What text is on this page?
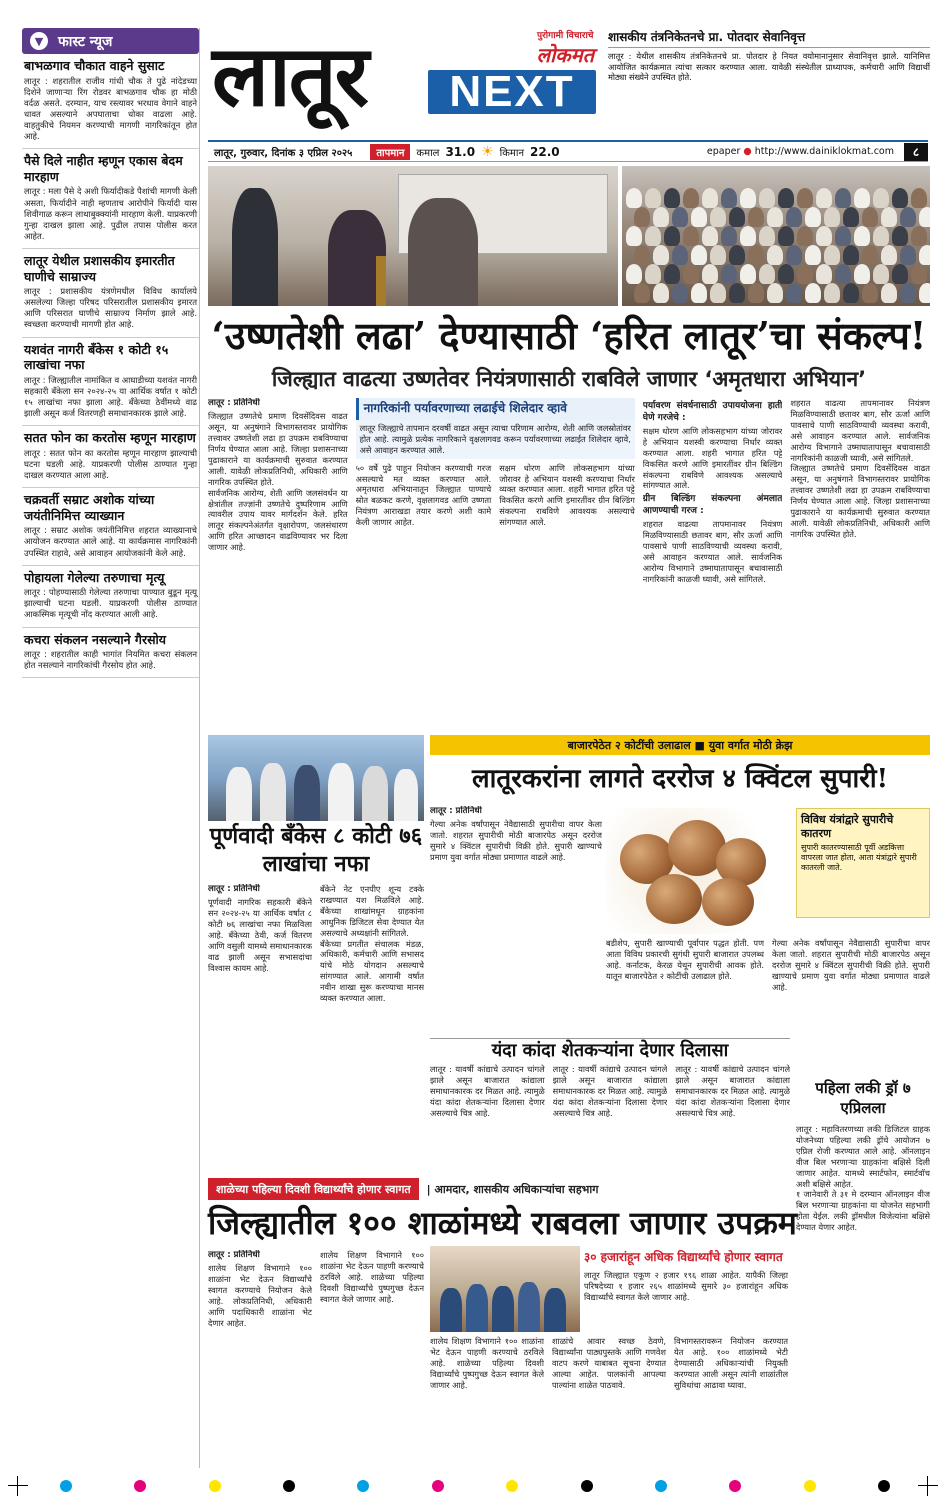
▼	फास्ट न्यूज
बाभळगाव चौकात वाहने सुसाट

लातूर : शहरातील राजीव गांधी चौक ते पुढे नांदेडच्या दिशेने जाणाऱ्या रिंग रोडवर बाभळगाव चौक हा मोठी वर्दळ असते. दरम्यान, याच रस्त्यावर भरधाव वेगाने वाहने धावत असल्याने अपघाताचा धोका वाढला आहे. वाहतुकीचे नियमन करण्याची मागणी नागरिकांतून होत आहे.

पैसे दिले नाहीत म्हणून एकास बेदम मारहाण

लातूर : मला पैसे दे अशी फिर्यादीकडे पैशांची मागणी केली असता, फिर्यादीने नाही म्हणताच आरोपीने फिर्यादी यास शिवीगाळ करून लाथाबुक्क्यांनी मारहाण केली. याप्रकरणी गुन्हा दाखल झाला आहे. पुढील तपास पोलीस करत आहेत.

लातूर येथील प्रशासकीय इमारतीत घाणीचे साम्राज्य

लातूर : प्रशासकीय यंत्रणेमधील विविध कार्यालये असलेल्या जिल्हा परिषद परिसरातील प्रशासकीय इमारत आणि परिसरात घाणीचे साम्राज्य निर्माण झाले आहे. स्वच्छता करण्याची मागणी होत आहे.

यशवंत नागरी बँकेस १ कोटी १५ लाखांचा नफा

लातूर : जिल्ह्यातील नामांकित व आघाडीच्या यशवंत नागरी सहकारी बँकेला सन २०२४-२५ या आर्थिक वर्षात १ कोटी १५ लाखांचा नफा झाला आहे. बँकेच्या ठेवींमध्ये वाढ झाली असून कर्ज वितरणही समाधानकारक झाले आहे.

सतत फोन का करतोस म्हणून मारहाण

लातूर : सतत फोन का करतोस म्हणून मारहाण झाल्याची घटना घडली आहे. याप्रकरणी पोलीस ठाण्यात गुन्हा दाखल करण्यात आला आहे.

चक्रवर्ती सम्राट अशोक यांच्या जयंतीनिमित्त व्याख्यान

लातूर : सम्राट अशोक जयंतीनिमित्त शहरात व्याख्यानाचे आयोजन करण्यात आले आहे. या कार्यक्रमास नागरिकांनी उपस्थित राहावे, असे आवाहन आयोजकांनी केले आहे.

पोहायला गेलेल्या तरुणाचा मृत्यू

लातूर : पोहण्यासाठी गेलेल्या तरुणाचा पाण्यात बुडून मृत्यू झाल्याची घटना घडली. याप्रकरणी पोलीस ठाण्यात आकस्मिक मृत्यूची नोंद करण्यात आली आहे.

कचरा संकलन नसल्याने गैरसोय

लातूर : शहरातील काही भागांत नियमित कचरा संकलन होत नसल्याने नागरिकांची गैरसोय होत आहे.

लातूर	पुरोगामी विचाराचे
लोकमत
NEXT
शासकीय तंत्रनिकेतनचे प्रा. पोतदार सेवानिवृत्त

लातूर : येथील शासकीय तंत्रनिकेतनचे प्रा. पोतदार हे नियत वयोमानानुसार सेवानिवृत्त झाले. यानिमित्त आयोजित कार्यक्रमात त्यांचा सत्कार करण्यात आला. यावेळी संस्थेतील प्राध्यापक, कर्मचारी आणि विद्यार्थी मोठ्या संख्येने उपस्थित होते.

लातूर, गुरुवार, दिनांक ३ एप्रिल २०२५	तापमान	कमाल 31.0 ☀ किमान 22.0	epaper ● http://www.dainiklokmat.com	८
‘उष्णतेशी लढा’ देण्यासाठी ‘हरित लातूर’चा संकल्प!
जिल्ह्यात वाढत्या उष्णतेवर नियंत्रणासाठी राबविले जाणार ‘अमृतधारा अभियान’
लातूर : प्रतिनिधी
जिल्ह्यात उष्णतेचे प्रमाण दिवसेंदिवस वाढत असून, या अनुषंगाने विभागस्तरावर प्रायोगिक तत्त्वावर उष्णतेशी लढा हा उपक्रम राबविण्याचा निर्णय घेण्यात आला आहे. जिल्हा प्रशासनाच्या पुढाकाराने या कार्यक्रमाची सुरुवात करण्यात आली. यावेळी लोकप्रतिनिधी, अधिकारी आणि नागरिक उपस्थित होते.
सार्वजनिक आरोग्य, शेती आणि जलसंवर्धन या क्षेत्रांतील तज्ज्ञांनी उष्णतेचे दुष्परिणाम आणि त्यावरील उपाय यावर मार्गदर्शन केले. हरित लातूर संकल्पनेअंतर्गत वृक्षारोपण, जलसंधारण आणि हरित आच्छादन वाढविण्यावर भर दिला जाणार आहे.
नागरिकांनी पर्यावरणाच्या लढाईचे शिलेदार व्हावे

लातूर जिल्ह्याचे तापमान दरवर्षी वाढत असून त्याचा परिणाम आरोग्य, शेती आणि जलस्रोतांवर होत आहे. त्यामुळे प्रत्येक नागरिकाने वृक्षलागवड करून पर्यावरणाच्या लढाईत शिलेदार व्हावे, असे आवाहन करण्यात आले.

५० वर्षे पुढे पाहून नियोजन करण्याची गरज असल्याचे मत व्यक्त करण्यात आले. अमृतधारा अभियानातून जिल्ह्यात पाण्याचे स्रोत बळकट करणे, वृक्षलागवड आणि उष्णता नियंत्रण आराखडा तयार करणे अशी कामे केली जाणार आहेत.
सक्षम धोरण आणि लोकसहभाग यांच्या जोरावर हे अभियान यशस्वी करण्याचा निर्धार व्यक्त करण्यात आला. शहरी भागात हरित पट्टे विकसित करणे आणि इमारतींवर ग्रीन बिल्डिंग संकल्पना राबविणे आवश्यक असल्याचे सांगण्यात आले.
पर्यावरण संवर्धनासाठी उपाययोजना हाती घेणे गरजेचे :
सक्षम धोरण आणि लोकसहभाग यांच्या जोरावर हे अभियान यशस्वी करण्याचा निर्धार व्यक्त करण्यात आला. शहरी भागात हरित पट्टे विकसित करणे आणि इमारतींवर ग्रीन बिल्डिंग संकल्पना राबविणे आवश्यक असल्याचे सांगण्यात आले.
ग्रीन बिल्डिंग संकल्पना अंमलात आणण्याची गरज :
शहरात वाढत्या तापमानावर नियंत्रण मिळविण्यासाठी छतावर बाग, सौर ऊर्जा आणि पावसाचे पाणी साठविण्याची व्यवस्था करावी, असे आवाहन करण्यात आले. सार्वजनिक आरोग्य विभागाने उष्माघातापासून बचावासाठी नागरिकांनी काळजी घ्यावी, असे सांगितले.
शहरात वाढत्या तापमानावर नियंत्रण मिळविण्यासाठी छतावर बाग, सौर ऊर्जा आणि पावसाचे पाणी साठविण्याची व्यवस्था करावी, असे आवाहन करण्यात आले. सार्वजनिक आरोग्य विभागाने उष्माघातापासून बचावासाठी नागरिकांनी काळजी घ्यावी, असे सांगितले.
जिल्ह्यात उष्णतेचे प्रमाण दिवसेंदिवस वाढत असून, या अनुषंगाने विभागस्तरावर प्रायोगिक तत्त्वावर उष्णतेशी लढा हा उपक्रम राबविण्याचा निर्णय घेण्यात आला आहे. जिल्हा प्रशासनाच्या पुढाकाराने या कार्यक्रमाची सुरुवात करण्यात आली. यावेळी लोकप्रतिनिधी, अधिकारी आणि नागरिक उपस्थित होते.
पूर्णवादी बँकेस ८ कोटी ७६ लाखांचा नफा
लातूर : प्रतिनिधी
पूर्णवादी नागरिक सहकारी बँकेने सन २०२४-२५ या आर्थिक वर्षात ८ कोटी ७६ लाखांचा नफा मिळविला आहे. बँकेच्या ठेवी, कर्ज वितरण आणि वसुली यामध्ये समाधानकारक वाढ झाली असून सभासदांचा विश्वास कायम आहे.
बँकेने नेट एनपीए शून्य टक्के राखण्यात यश मिळविले आहे. बँकेच्या शाखांमधून ग्राहकांना आधुनिक डिजिटल सेवा देण्यात येत असल्याचे अध्यक्षांनी सांगितले.
बँकेच्या प्रगतीत संचालक मंडळ, अधिकारी, कर्मचारी आणि सभासद यांचे मोठे योगदान असल्याचे सांगण्यात आले. आगामी वर्षात नवीन शाखा सुरू करण्याचा मानस व्यक्त करण्यात आला.
बाजारपेठेत २ कोटींची उलाढाल ■ युवा वर्गात मोठी क्रेझ
लातूरकरांना लागते दररोज ४ क्विंटल सुपारी!
लातूर : प्रतिनिधी
गेल्या अनेक वर्षांपासून नेवैद्यासाठी सुपारीचा वापर केला जातो. शहरात सुपारीची मोठी बाजारपेठ असून दररोज सुमारे ४ क्विंटल सुपारीची विक्री होते. सुपारी खाण्याचे प्रमाण युवा वर्गात मोठ्या प्रमाणात वाढले आहे.
विविध यंत्रांद्वारे सुपारीचे कातरण

सुपारी कातरण्यासाठी पूर्वी अडकित्ता वापरला जात होता, आता यंत्रांद्वारे सुपारी कातरली जाते.

बडीशेप, सुपारी खाण्याची पूर्वापार पद्धत होती. पण आता विविध प्रकारची सुगंधी सुपारी बाजारात उपलब्ध आहे. कर्नाटक, केरळ येथून सुपारीची आवक होते. यातून बाजारपेठेत २ कोटींची उलाढाल होते.
गेल्या अनेक वर्षांपासून नेवैद्यासाठी सुपारीचा वापर केला जातो. शहरात सुपारीची मोठी बाजारपेठ असून दररोज सुमारे ४ क्विंटल सुपारीची विक्री होते. सुपारी खाण्याचे प्रमाण युवा वर्गात मोठ्या प्रमाणात वाढले आहे.
यंदा कांदा शेतकऱ्यांना देणार दिलासा
लातूर : यावर्षी कांद्याचे उत्पादन चांगले झाले असून बाजारात कांद्याला समाधानकारक दर मिळत आहे. त्यामुळे यंदा कांदा शेतकऱ्यांना दिलासा देणार असल्याचे चित्र आहे.
लातूर : यावर्षी कांद्याचे उत्पादन चांगले झाले असून बाजारात कांद्याला समाधानकारक दर मिळत आहे. त्यामुळे यंदा कांदा शेतकऱ्यांना दिलासा देणार असल्याचे चित्र आहे.
लातूर : यावर्षी कांद्याचे उत्पादन चांगले झाले असून बाजारात कांद्याला समाधानकारक दर मिळत आहे. त्यामुळे यंदा कांदा शेतकऱ्यांना दिलासा देणार असल्याचे चित्र आहे.
पहिला लकी ड्रॉ ७ एप्रिलला
लातूर : महावितरणच्या लकी डिजिटल ग्राहक योजनेच्या पहिल्या लकी ड्रॉचे आयोजन ७ एप्रिल रोजी करण्यात आले आहे. ऑनलाइन वीज बिल भरणाऱ्या ग्राहकांना बक्षिसे दिली जाणार आहेत. यामध्ये स्मार्टफोन, स्मार्टवॉच अशी बक्षिसे आहेत.
१ जानेवारी ते ३१ मे दरम्यान ऑनलाइन वीज बिल भरणाऱ्या ग्राहकांना या योजनेत सहभागी होता येईल. लकी ड्रॉमधील विजेत्यांना बक्षिसे देण्यात येणार आहेत.
शाळेच्या पहिल्या दिवशी विद्यार्थ्यांचे होणार स्वागत	| आमदार, शासकीय अधिकाऱ्यांचा सहभाग
जिल्ह्यातील १०० शाळांमध्ये राबवला जाणार उपक्रम
लातूर : प्रतिनिधी
शालेय शिक्षण विभागाने १०० शाळांना भेट देऊन विद्यार्थ्यांचे स्वागत करण्याचे नियोजन केले आहे. लोकप्रतिनिधी, अधिकारी आणि पदाधिकारी शाळांना भेट देणार आहेत.
शालेय शिक्षण विभागाने १०० शाळांना भेट देऊन पाहणी करण्याचे ठरविले आहे. शाळेच्या पहिल्या दिवशी विद्यार्थ्यांचे पुष्पगुच्छ देऊन स्वागत केले जाणार आहे.
३० हजारांहून अधिक विद्यार्थ्यांचे होणार स्वागत
लातूर जिल्ह्यात एकूण २ हजार १९६ शाळा आहेत. यापैकी जिल्हा परिषदेच्या १ हजार २६५ शाळांमध्ये सुमारे ३० हजारांहून अधिक विद्यार्थ्यांचे स्वागत केले जाणार आहे.
शालेय शिक्षण विभागाने १०० शाळांना भेट देऊन पाहणी करण्याचे ठरविले आहे. शाळेच्या पहिल्या दिवशी विद्यार्थ्यांचे पुष्पगुच्छ देऊन स्वागत केले जाणार आहे.
शाळांचे आवार स्वच्छ ठेवणे, विद्यार्थ्यांना पाठ्यपुस्तके आणि गणवेश वाटप करणे याबाबत सूचना देण्यात आल्या आहेत. पालकांनी आपल्या पाल्यांना शाळेत पाठवावे.
विभागस्तरावरून नियोजन करण्यात येत आहे. १०० शाळांमध्ये भेटी देण्यासाठी अधिकाऱ्यांची नियुक्ती करण्यात आली असून त्यांनी शाळांतील सुविधांचा आढावा घ्यावा.
